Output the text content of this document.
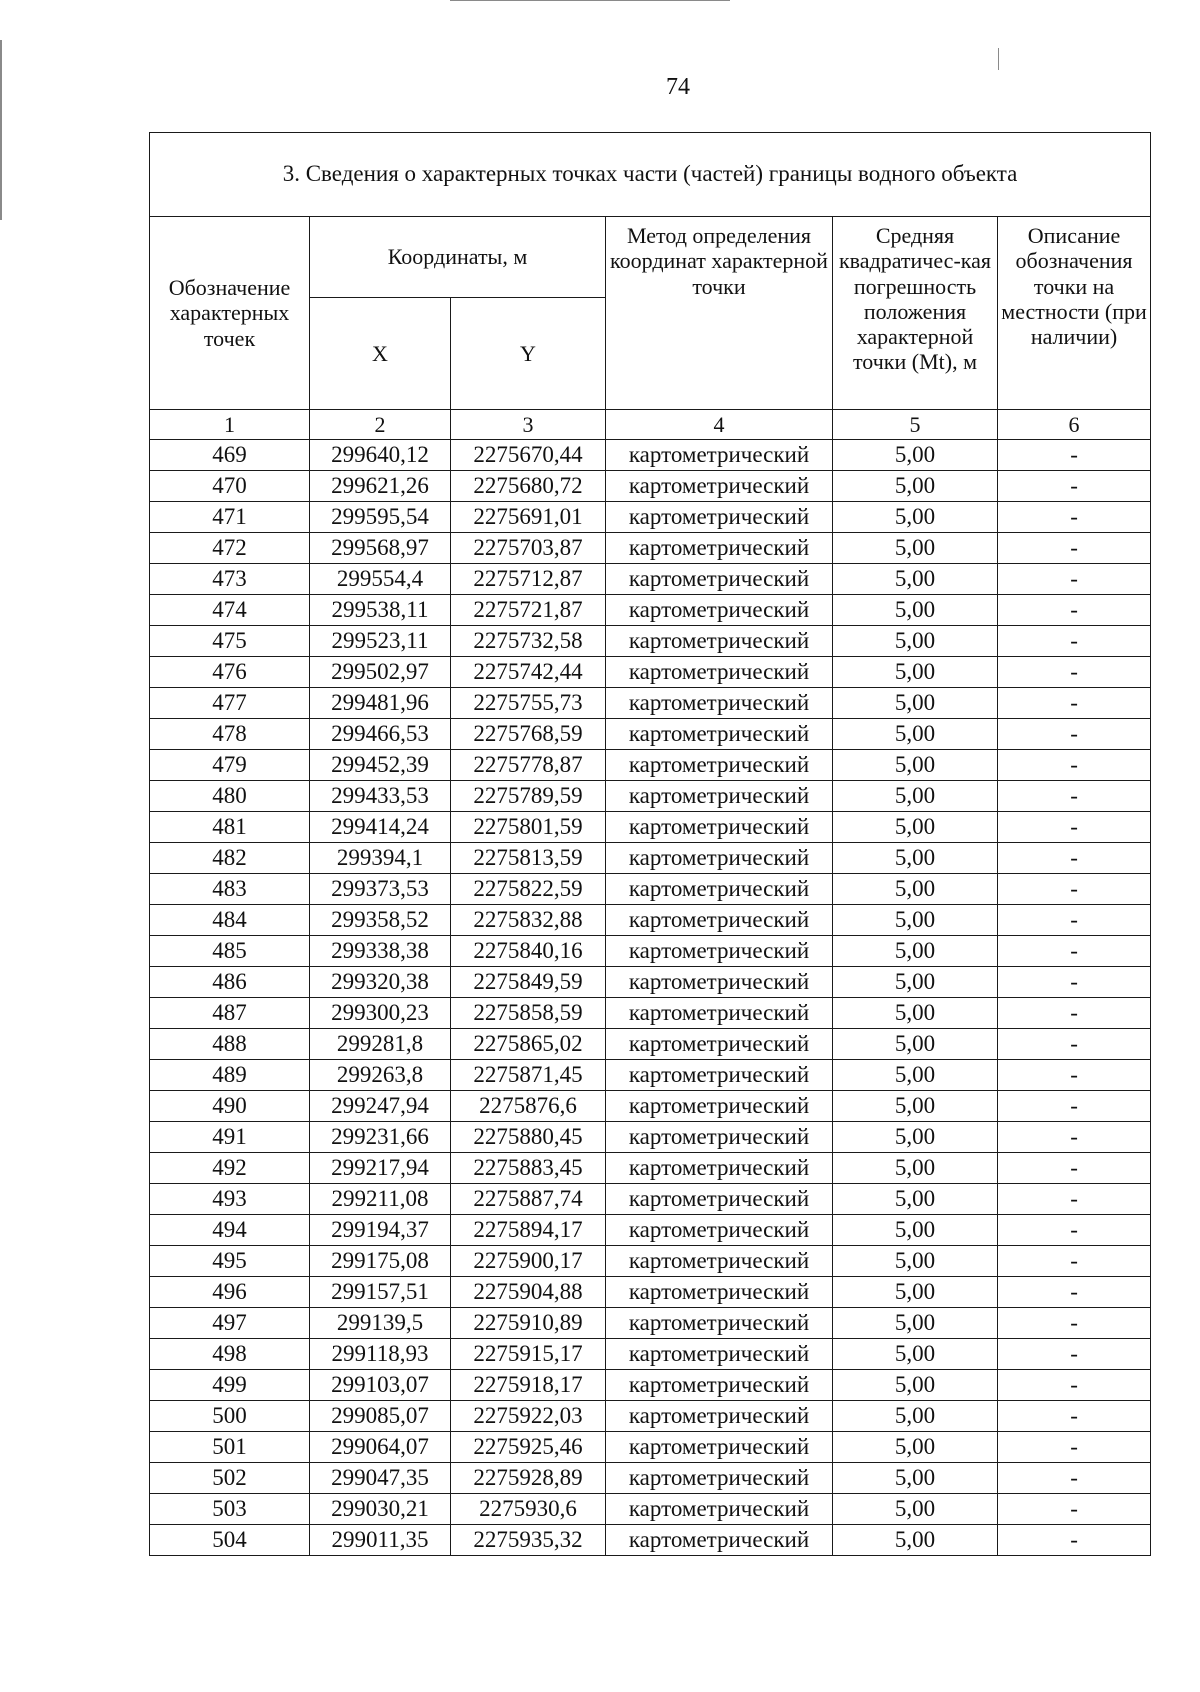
74
3. Сведения о характерных точках части (частей) границы водного объекта					
Обозначение характерных точек	Координаты, м		Метод определения координат характерной точки	Средняя квадратичес-кая погрешность положения характерной точки (Mt), м	Описание обозначения точки на местности (при наличии)
	X	Y			
1	2	3	4	5	6
469	299640,12	2275670,44	картометрический	5,00	-
470	299621,26	2275680,72	картометрический	5,00	-
471	299595,54	2275691,01	картометрический	5,00	-
472	299568,97	2275703,87	картометрический	5,00	-
473	299554,4	2275712,87	картометрический	5,00	-
474	299538,11	2275721,87	картометрический	5,00	-
475	299523,11	2275732,58	картометрический	5,00	-
476	299502,97	2275742,44	картометрический	5,00	-
477	299481,96	2275755,73	картометрический	5,00	-
478	299466,53	2275768,59	картометрический	5,00	-
479	299452,39	2275778,87	картометрический	5,00	-
480	299433,53	2275789,59	картометрический	5,00	-
481	299414,24	2275801,59	картометрический	5,00	-
482	299394,1	2275813,59	картометрический	5,00	-
483	299373,53	2275822,59	картометрический	5,00	-
484	299358,52	2275832,88	картометрический	5,00	-
485	299338,38	2275840,16	картометрический	5,00	-
486	299320,38	2275849,59	картометрический	5,00	-
487	299300,23	2275858,59	картометрический	5,00	-
488	299281,8	2275865,02	картометрический	5,00	-
489	299263,8	2275871,45	картометрический	5,00	-
490	299247,94	2275876,6	картометрический	5,00	-
491	299231,66	2275880,45	картометрический	5,00	-
492	299217,94	2275883,45	картометрический	5,00	-
493	299211,08	2275887,74	картометрический	5,00	-
494	299194,37	2275894,17	картометрический	5,00	-
495	299175,08	2275900,17	картометрический	5,00	-
496	299157,51	2275904,88	картометрический	5,00	-
497	299139,5	2275910,89	картометрический	5,00	-
498	299118,93	2275915,17	картометрический	5,00	-
499	299103,07	2275918,17	картометрический	5,00	-
500	299085,07	2275922,03	картометрический	5,00	-
501	299064,07	2275925,46	картометрический	5,00	-
502	299047,35	2275928,89	картометрический	5,00	-
503	299030,21	2275930,6	картометрический	5,00	-
504	299011,35	2275935,32	картометрический	5,00	-
